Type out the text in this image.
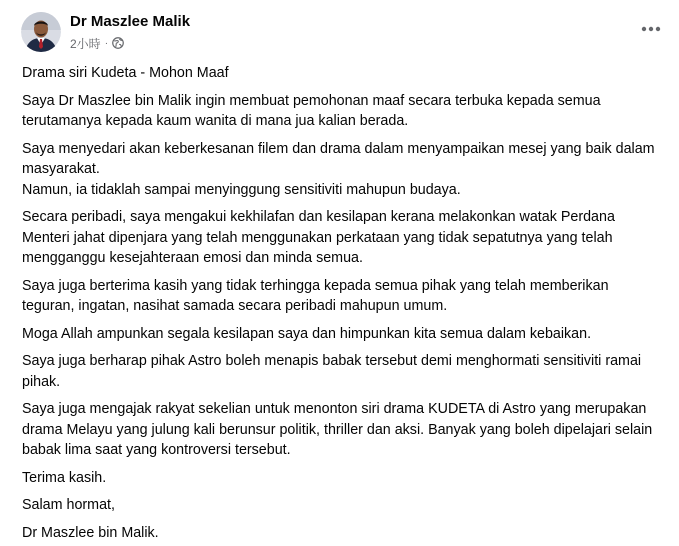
Dr Maszlee Malik
2小時 ·

Drama siri Kudeta - Mohon Maaf

Saya Dr Maszlee bin Malik ingin membuat pemohonan maaf secara terbuka kepada semua terutamanya kepada kaum wanita di mana jua kalian berada.

Saya menyedari akan keberkesanan filem dan drama dalam menyampaikan mesej yang baik dalam masyarakat.
Namun, ia tidaklah sampai menyinggung sensitiviti mahupun budaya.

Secara peribadi, saya mengakui kekhilafan dan kesilapan kerana melakonkan watak Perdana Menteri jahat dipenjara yang telah menggunakan perkataan yang tidak sepatutnya yang telah mengganggu kesejahteraan emosi dan minda semua.

Saya juga berterima kasih yang tidak terhingga kepada semua pihak yang telah memberikan teguran, ingatan, nasihat samada secara peribadi mahupun umum.

Moga Allah ampunkan segala kesilapan saya dan himpunkan kita semua dalam kebaikan.

Saya juga berharap pihak Astro boleh menapis babak tersebut demi menghormati sensitiviti ramai pihak.

Saya juga mengajak rakyat sekelian untuk menonton siri drama KUDETA di Astro yang merupakan drama Melayu yang julung kali berunsur politik, thriller dan aksi. Banyak yang boleh dipelajari selain babak lima saat yang kontroversi tersebut.

Terima kasih.

Salam hormat,

Dr Maszlee bin Malik.
